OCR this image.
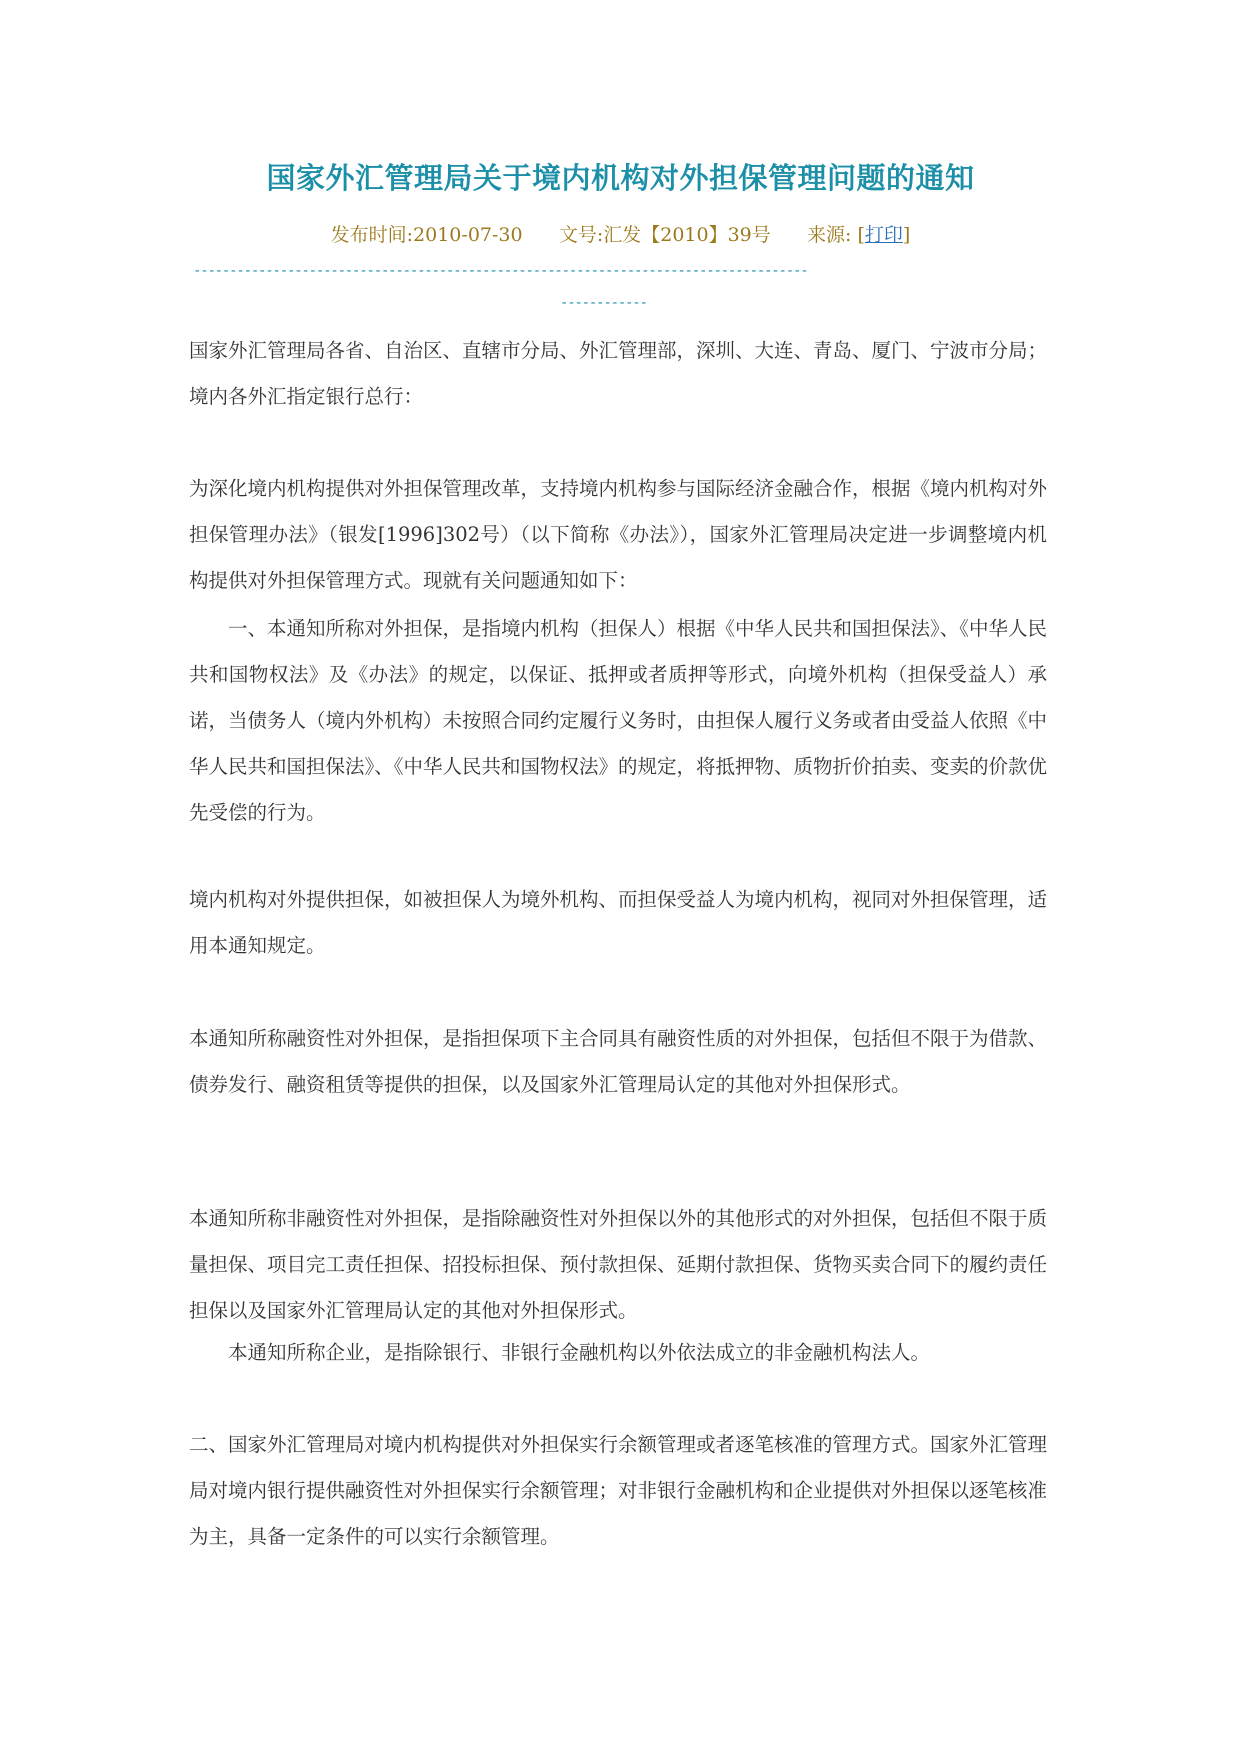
国家外汇管理局关于境内机构对外担保管理问题的通知
发布时间:2010-07-30 文号:汇发【2010】39号 来源: [打印]
-------------------------------------------------------------------------------------
------------

国家外汇管理局各省、自治区、直辖市分局、外汇管理部，深圳、大连、青岛、厦门、宁波市分局；境内各外汇指定银行总行：

为深化境内机构提供对外担保管理改革，支持境内机构参与国际经济金融合作，根据《境内机构对外担保管理办法》（银发[1996]302号）（以下简称《办法》），国家外汇管理局决定进一步调整境内机构提供对外担保管理方式。现就有关问题通知如下：

　　一、本通知所称对外担保，是指境内机构（担保人）根据《中华人民共和国担保法》、《中华人民共和国物权法》及《办法》的规定，以保证、抵押或者质押等形式，向境外机构（担保受益人）承诺，当债务人（境内外机构）未按照合同约定履行义务时，由担保人履行义务或者由受益人依照《中华人民共和国担保法》、《中华人民共和国物权法》的规定，将抵押物、质物折价拍卖、变卖的价款优先受偿的行为。

境内机构对外提供担保，如被担保人为境外机构、而担保受益人为境内机构，视同对外担保管理，适用本通知规定。

本通知所称融资性对外担保，是指担保项下主合同具有融资性质的对外担保，包括但不限于为借款、债券发行、融资租赁等提供的担保，以及国家外汇管理局认定的其他对外担保形式。

本通知所称非融资性对外担保，是指除融资性对外担保以外的其他形式的对外担保，包括但不限于质量担保、项目完工责任担保、招投标担保、预付款担保、延期付款担保、货物买卖合同下的履约责任担保以及国家外汇管理局认定的其他对外担保形式。

　　本通知所称企业，是指除银行、非银行金融机构以外依法成立的非金融机构法人。

二、国家外汇管理局对境内机构提供对外担保实行余额管理或者逐笔核准的管理方式。国家外汇管理局对境内银行提供融资性对外担保实行余额管理；对非银行金融机构和企业提供对外担保以逐笔核准为主，具备一定条件的可以实行余额管理。
